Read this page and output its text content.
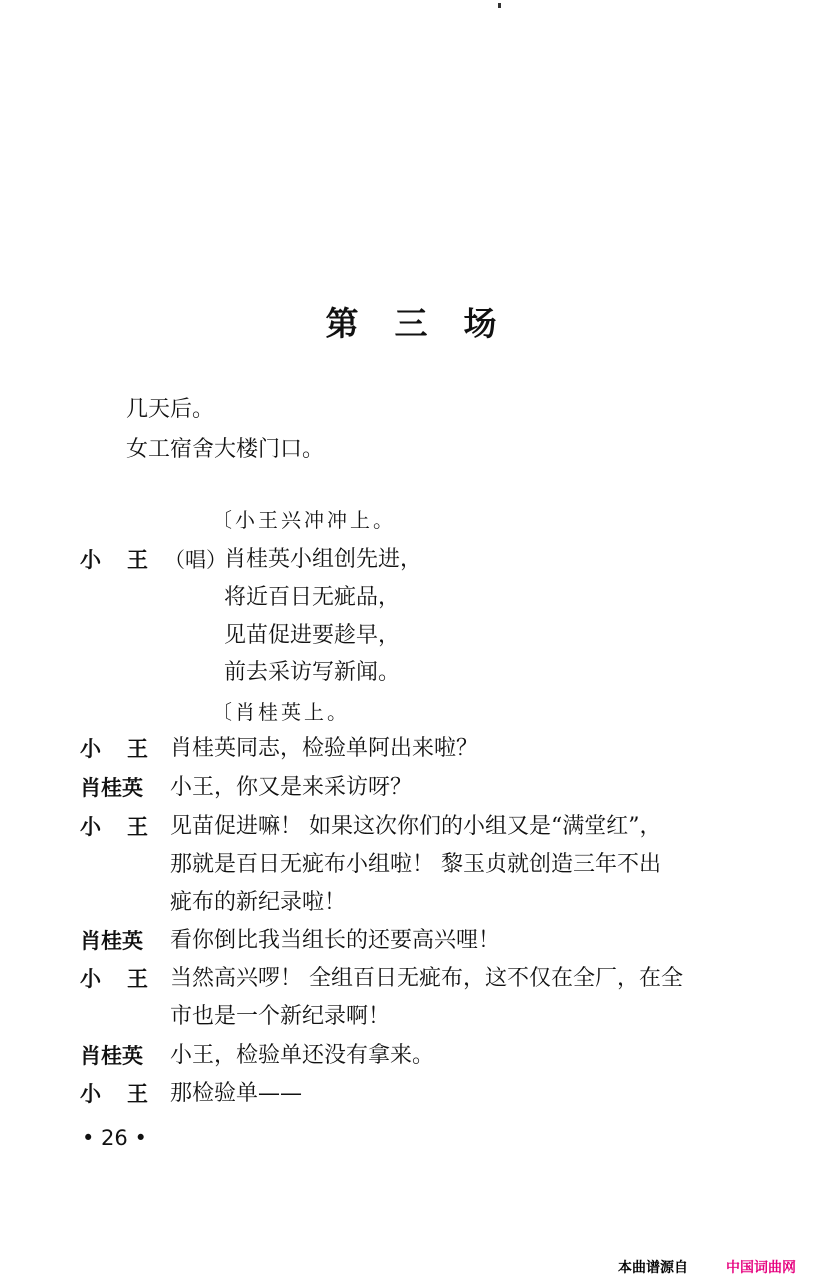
第 三 场
几天后。
女工宿舍大楼门口。
〔小王兴冲冲上。
小王
（唱）
肖桂英小组创先进，
将近百日无疵品，
见苗促进要趁早，
前去采访写新闻。
〔肖桂英上。
小王
肖桂英同志，检验单阿出来啦？
肖桂英 小王，你又是来采访呀？
小王
见苗促进嘛！ 如果这次你们的小组又是“满堂红”，
那就是百日无疵布小组啦！ 黎玉贞就创造三年不出
疵布的新纪录啦！
肖桂英 看你倒比我当组长的还要高兴哩！
小王
当然高兴啰！ 全组百日无疵布，这不仅在全厂，在全
市也是一个新纪录啊！
肖桂英 小王，检验单还没有拿来。
小王
那检验单——
• 26 •
本曲谱源自	中国词曲网
